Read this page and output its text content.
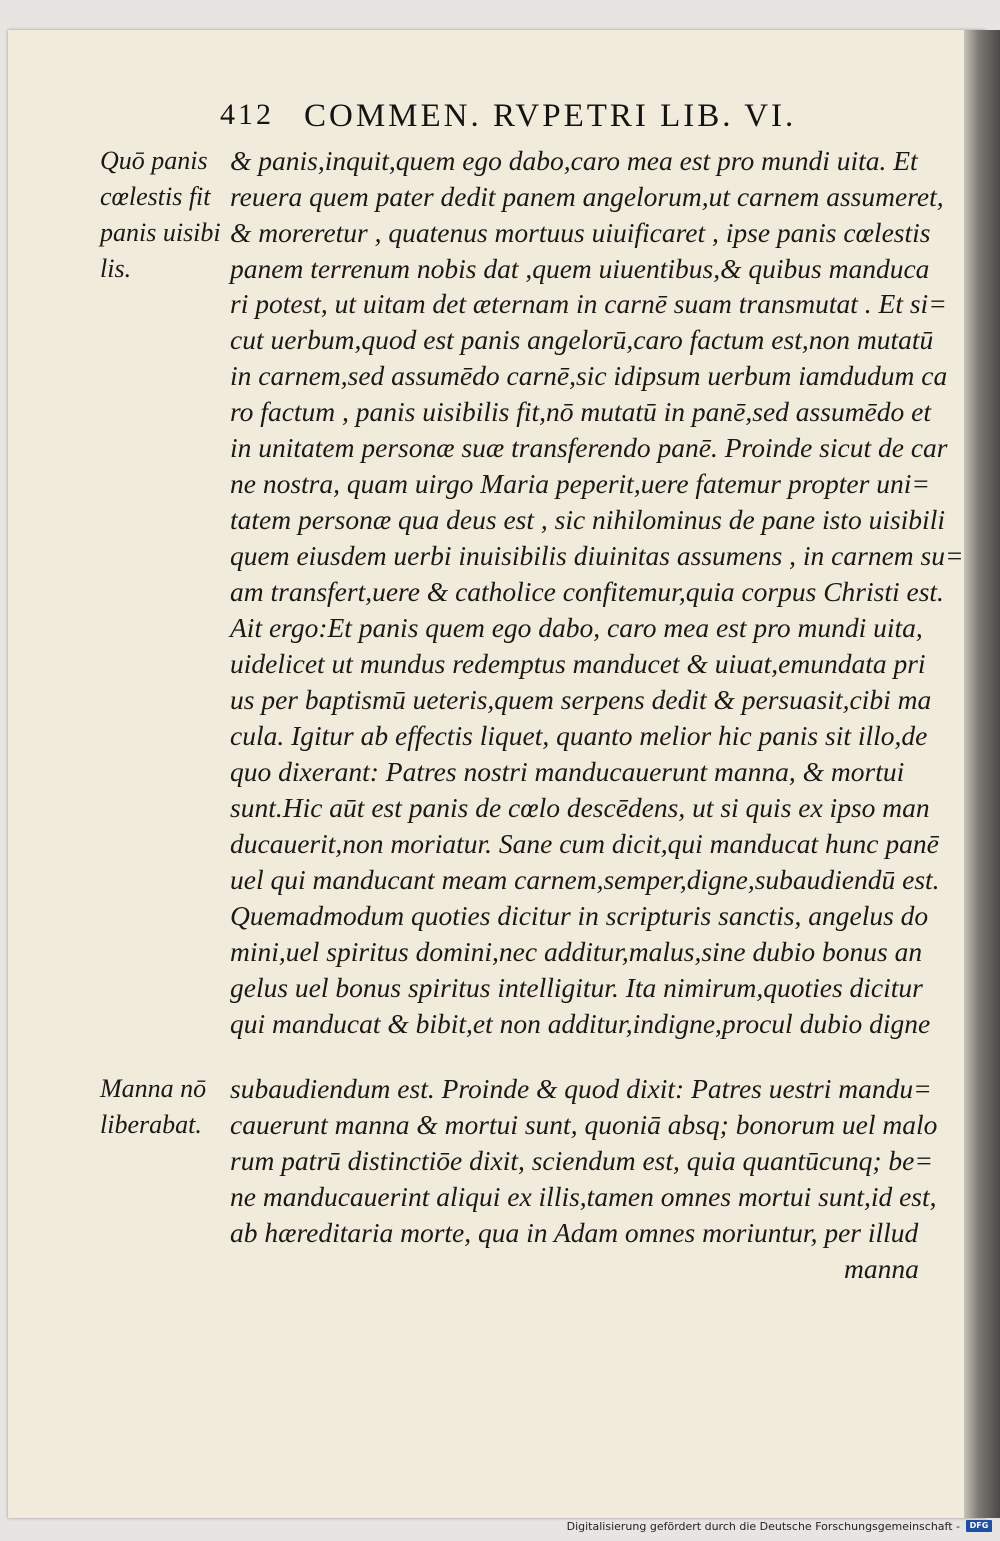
412 COMMEN. RVPETRI LIB. VI.
Quō panis
cœlestis fit
panis uisibi
lis.
Manna nō
liberabat.
& panis,inquit,quem ego dabo,caro mea est pro mundi uita. Et
reuera quem pater dedit panem angelorum,ut carnem assumeret,
& moreretur , quatenus mortuus uiuificaret , ipse panis cœlestis
panem terrenum nobis dat ,quem uiuentibus,& quibus manduca
ri potest, ut uitam det æternam in carnē suam transmutat . Et si=
cut uerbum,quod est panis angelorū,caro factum est,non mutatū
in carnem,sed assumēdo carnē,sic idipsum uerbum iamdudum ca
ro factum , panis uisibilis fit,nō mutatū in panē,sed assumēdo et
in unitatem personæ suæ transferendo panē. Proinde sicut de car
ne nostra, quam uirgo Maria peperit,uere fatemur propter uni=
tatem personæ qua deus est , sic nihilominus de pane isto uisibili
quem eiusdem uerbi inuisibilis diuinitas assumens , in carnem su=
am transfert,uere & catholice confitemur,quia corpus Christi est.
Ait ergo:Et panis quem ego dabo, caro mea est pro mundi uita,
uidelicet ut mundus redemptus manducet & uiuat,emundata pri
us per baptismū ueteris,quem serpens dedit & persuasit,cibi ma
cula. Igitur ab effectis liquet, quanto melior hic panis sit illo,de
quo dixerant: Patres nostri manducauerunt manna, & mortui
sunt.Hic aūt est panis de cœlo descēdens, ut si quis ex ipso man
ducauerit,non moriatur. Sane cum dicit,qui manducat hunc panē
uel qui manducant meam carnem,semper,digne,subaudiendū est.
Quemadmodum quoties dicitur in scripturis sanctis, angelus do
mini,uel spiritus domini,nec additur,malus,sine dubio bonus an
gelus uel bonus spiritus intelligitur. Ita nimirum,quoties dicitur
qui manducat & bibit,et non additur,indigne,procul dubio digne
subaudiendum est. Proinde & quod dixit: Patres uestri mandu=
cauerunt manna & mortui sunt, quoniā absq; bonorum uel malo
rum patrū distinctiōe dixit, sciendum est, quia quantūcunq; be=
ne manducauerint aliqui ex illis,tamen omnes mortui sunt,id est,
ab hæreditaria morte, qua in Adam omnes moriuntur, per illud
manna
Digitalisierung gefördert durch die Deutsche Forschungsgemeinschaft -	DFG
